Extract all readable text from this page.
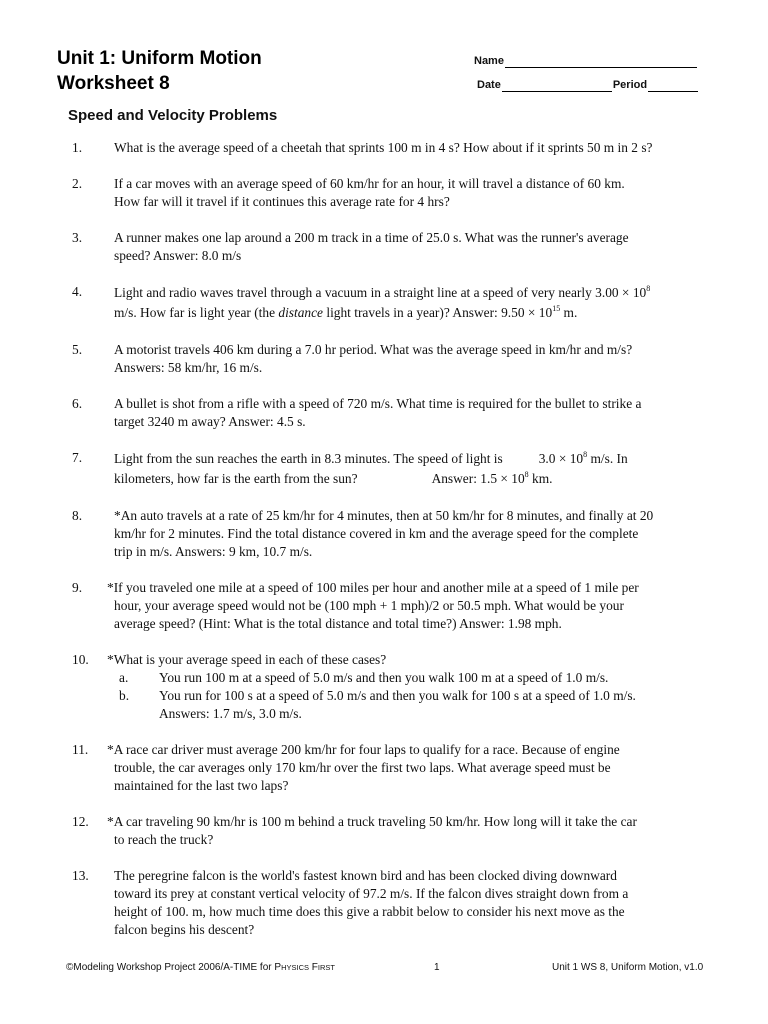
Unit 1: Uniform Motion
Worksheet 8
Name
Date	Period
Speed and Velocity Problems
1. What is the average speed of a cheetah that sprints 100 m in 4 s? How about if it sprints 50 m in 2 s?
2. If a car moves with an average speed of 60 km/hr for an hour, it will travel a distance of 60 km.

How far will it travel if it continues this average rate for 4 hrs?

3. A runner makes one lap around a 200 m track in a time of 25.0 s. What was the runner's average

speed? Answer: 8.0 m/s

4. Light and radio waves travel through a vacuum in a straight line at a speed of very nearly $3.00 \times 10^8$

m/s. How far is light year (the distance light travels in a year)? Answer: $9.50 \times 10^{15}$ m.

5. A motorist travels 406 km during a 7.0 hr period. What was the average speed in km/hr and m/s?

Answers: 58 km/hr, 16 m/s.

6. A bullet is shot from a rifle with a speed of 720 m/s. What time is required for the bullet to strike a

target 3240 m away? Answer: 4.5 s.

7. Light from the sun reaches the earth in 8.3 minutes. The speed of light is	$3.0 \times 10^8$ m/s. In

kilometers, how far is the earth from the sun?	Answer: $1.5 \times 10^8$ km.

8. *An auto travels at a rate of 25 km/hr for 4 minutes, then at 50 km/hr for 8 minutes, and finally at 20

km/hr for 2 minutes. Find the total distance covered in km and the average speed for the complete

trip in m/s. Answers: 9 km, 10.7 m/s.

9. *If you traveled one mile at a speed of 100 miles per hour and another mile at a speed of 1 mile per

hour, your average speed would not be (100 mph + 1 mph)/2 or 50.5 mph. What would be your

average speed? (Hint: What is the total distance and total time?) Answer: 1.98 mph.

10. *What is your average speed in each of these cases?

a. You run 100 m at a speed of 5.0 m/s and then you walk 100 m at a speed of 1.0 m/s.
b. You run for 100 s at a speed of 5.0 m/s and then you walk for 100 s at a speed of 1.0 m/s.
Answers: 1.7 m/s, 3.0 m/s.
11. *A race car driver must average 200 km/hr for four laps to qualify for a race. Because of engine

trouble, the car averages only 170 km/hr over the first two laps. What average speed must be

maintained for the last two laps?

12. *A car traveling 90 km/hr is 100 m behind a truck traveling 50 km/hr. How long will it take the car

to reach the truck?

13. The peregrine falcon is the world's fastest known bird and has been clocked diving downward

toward its prey at constant vertical velocity of 97.2 m/s. If the falcon dives straight down from a

height of 100. m, how much time does this give a rabbit below to consider his next move as the

falcon begins his descent?

©Modeling Workshop Project 2006/A-TIME for PHYSICS FIRST	1	Unit 1 WS 8, Uniform Motion, v1.0
